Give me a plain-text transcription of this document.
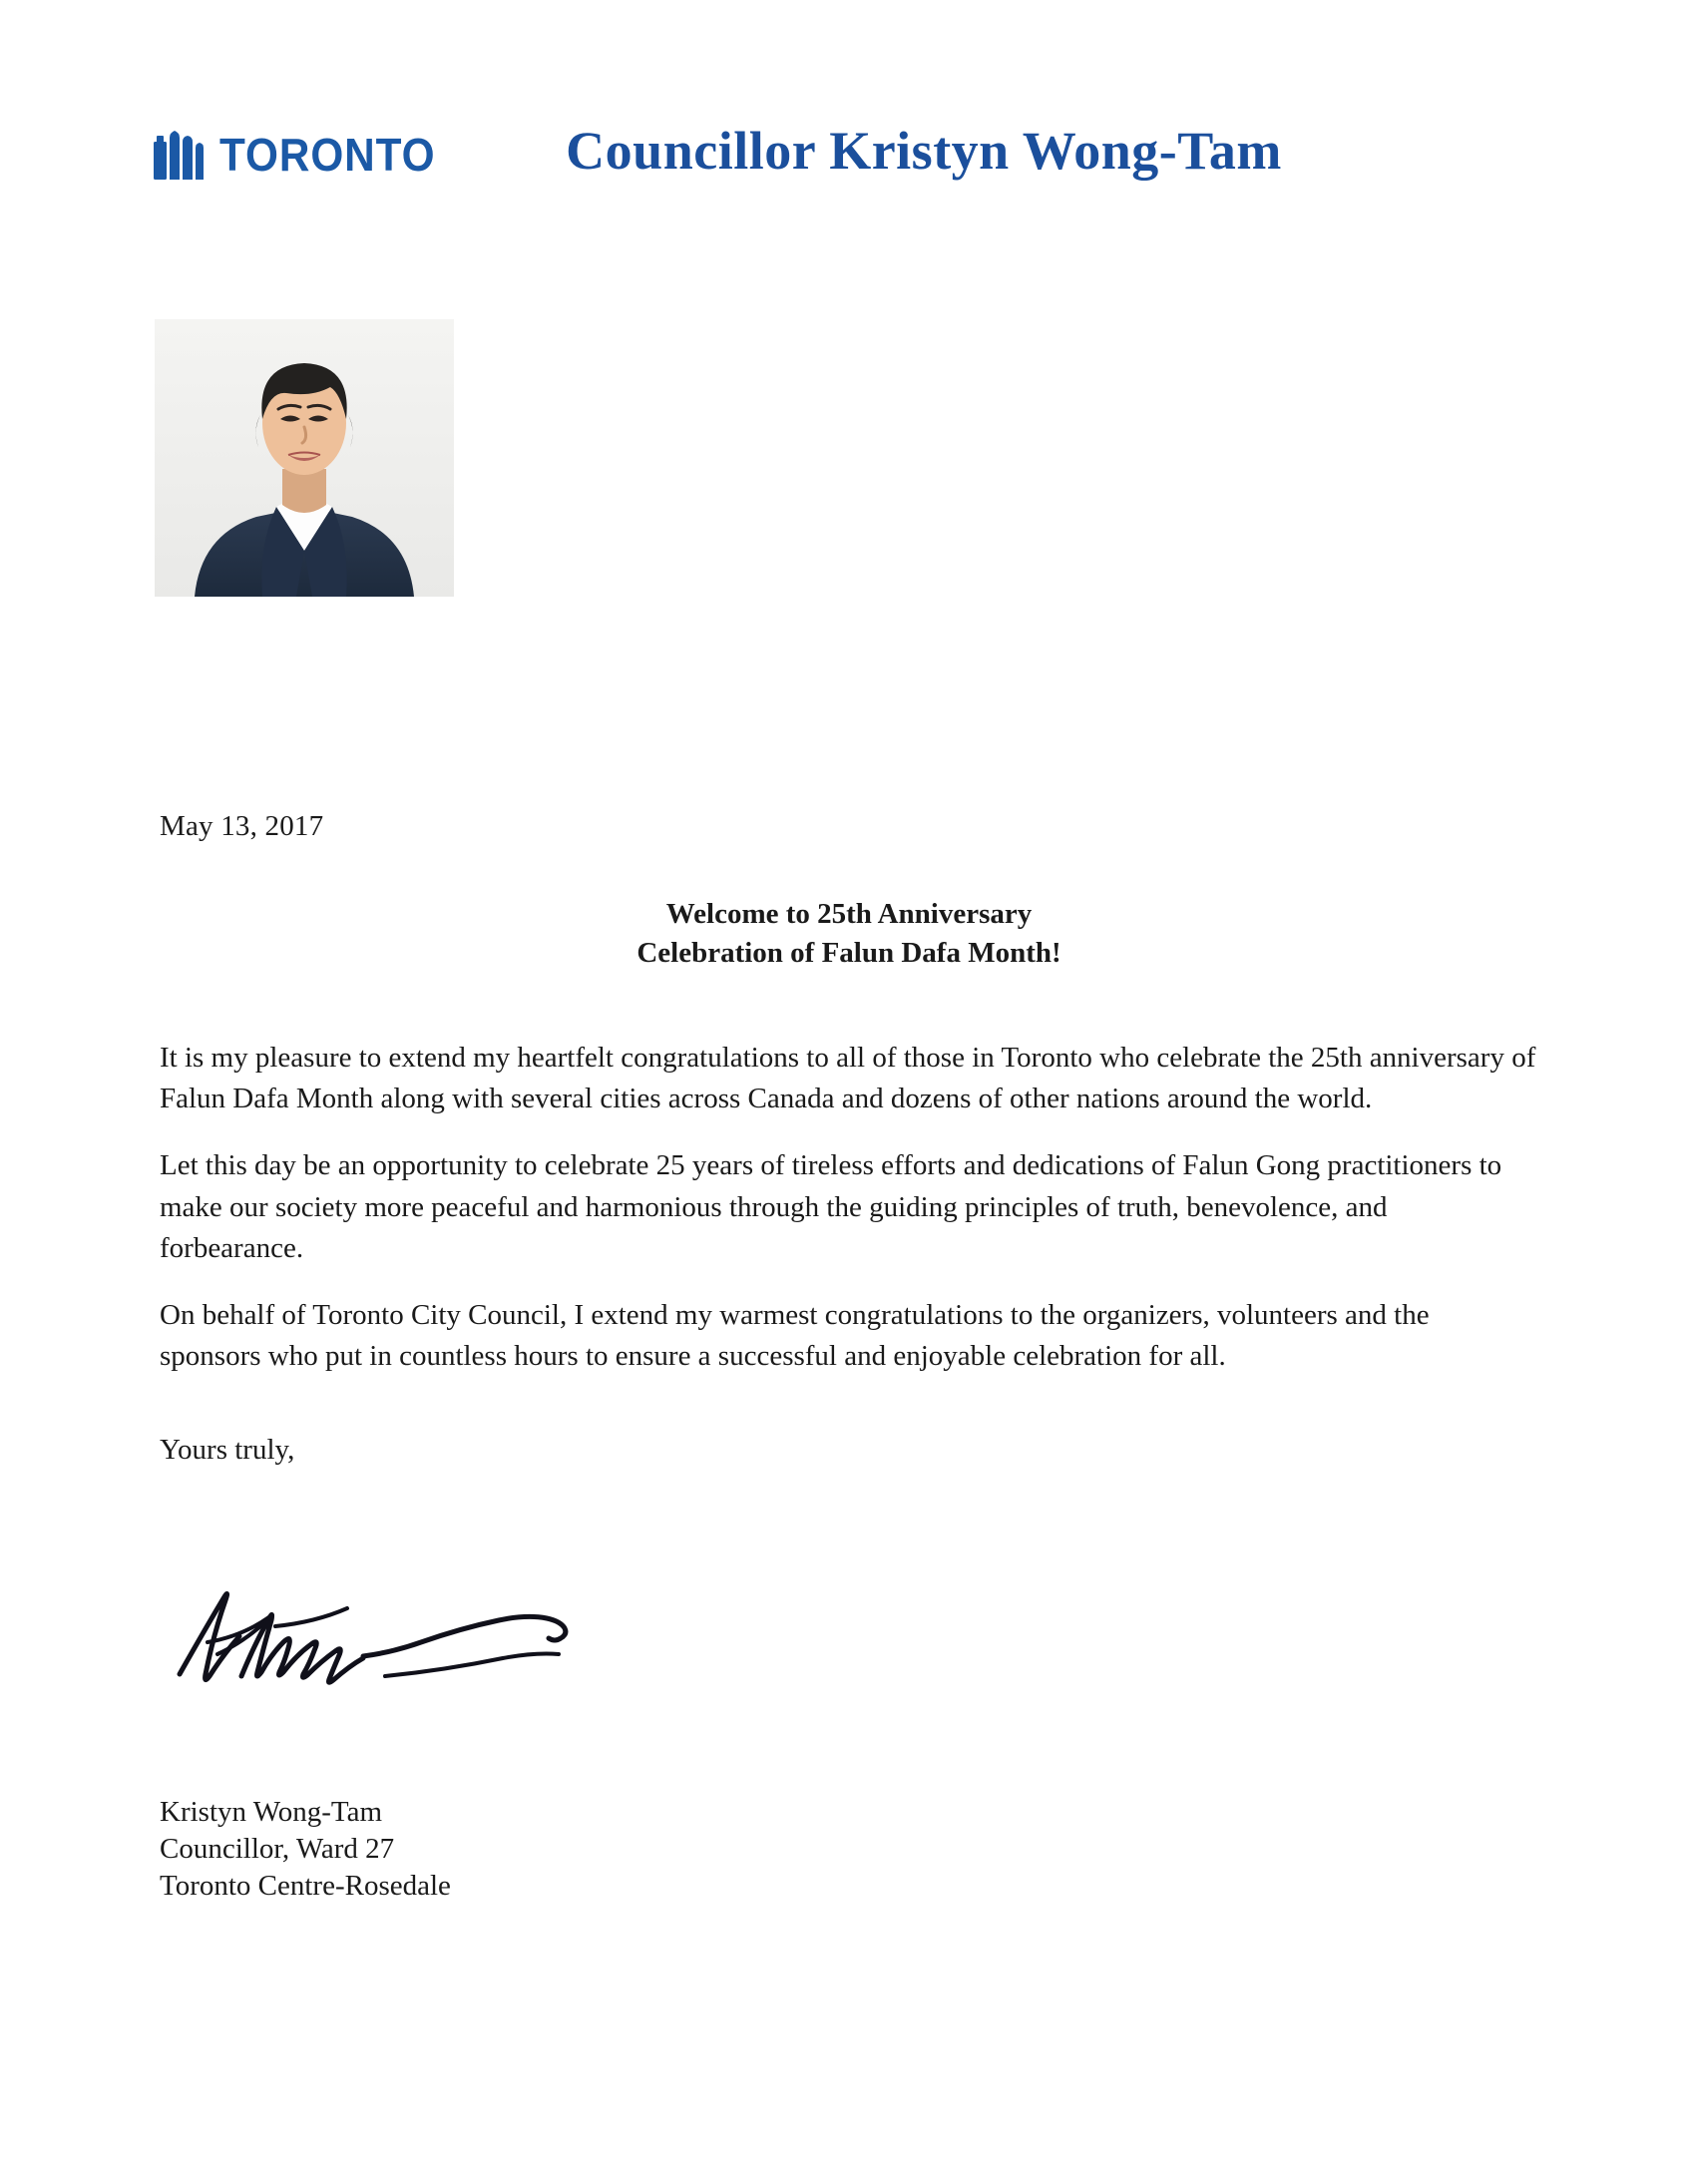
TORONTO	Councillor Kristyn Wong-Tam
May 13, 2017
Welcome to 25th Anniversary
Celebration of Falun Dafa Month!

It is my pleasure to extend my heartfelt congratulations to all of those in Toronto who celebrate the 25th anniversary of Falun Dafa Month along with several cities across Canada and dozens of other nations around the world.

Let this day be an opportunity to celebrate 25 years of tireless efforts and dedications of Falun Gong practitioners to make our society more peaceful and harmonious through the guiding principles of truth, benevolence, and forbearance.

On behalf of Toronto City Council, I extend my warmest congratulations to the organizers, volunteers and the sponsors who put in countless hours to ensure a successful and enjoyable celebration for all.

Yours truly,
Kristyn Wong-Tam
Councillor, Ward 27
Toronto Centre-Rosedale
